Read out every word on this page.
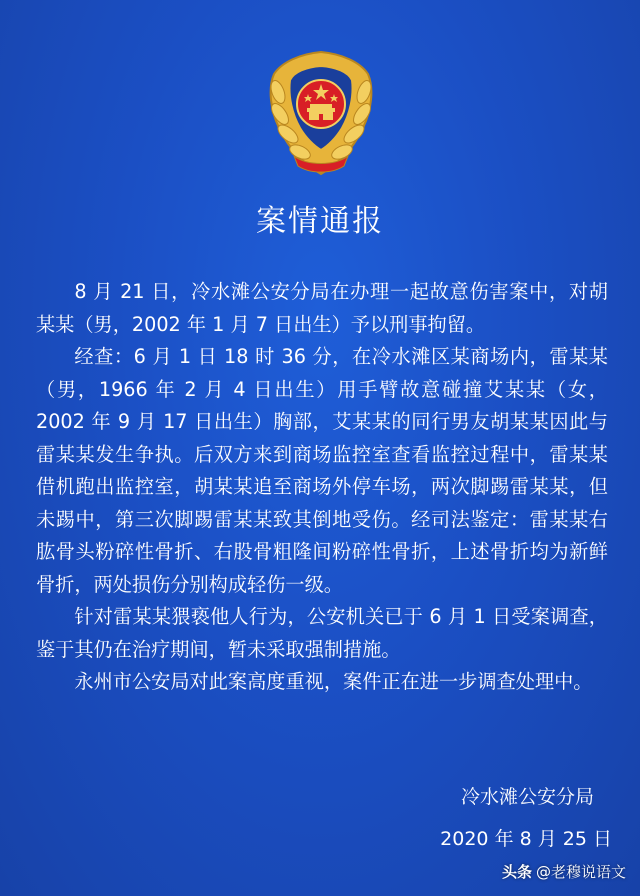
案情通报

8 月 21 日，冷水滩公安分局在办理一起故意伤害案中，对胡某某（男，2002 年 1 月 7 日出生）予以刑事拘留。

经查：6 月 1 日 18 时 36 分，在冷水滩区某商场内，雷某某（男，1966 年 2 月 4 日出生）用手臂故意碰撞艾某某（女，2002 年 9 月 17 日出生）胸部，艾某某的同行男友胡某某因此与雷某某发生争执。后双方来到商场监控室查看监控过程中，雷某某借机跑出监控室，胡某某追至商场外停车场，两次脚踢雷某某，但未踢中，第三次脚踢雷某某致其倒地受伤。经司法鉴定：雷某某右肱骨头粉碎性骨折、右股骨粗隆间粉碎性骨折，上述骨折均为新鲜骨折，两处损伤分别构成轻伤一级。

针对雷某某猥亵他人行为，公安机关已于 6 月 1 日受案调查，鉴于其仍在治疗期间，暂未采取强制措施。

永州市公安局对此案高度重视，案件正在进一步调查处理中。

冷水滩公安分局
2020 年 8 月 25 日
头条 @老穆说语文
